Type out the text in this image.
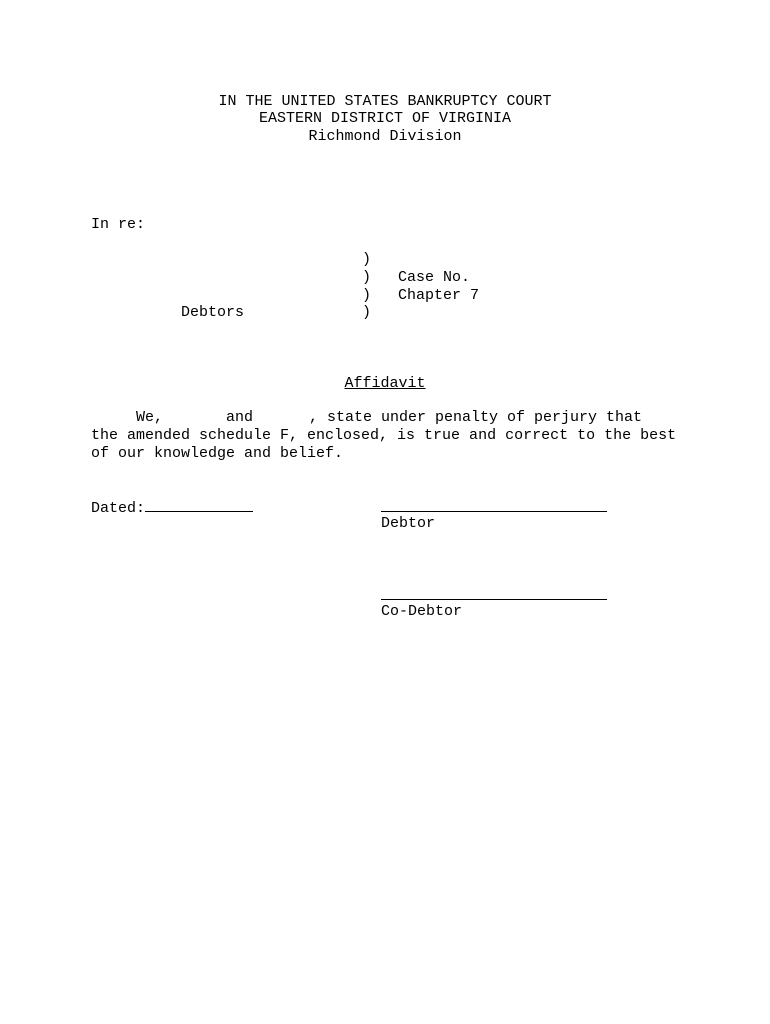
IN THE UNITED STATES BANKRUPTCY COURT
EASTERN DISTRICT OF VIRGINIA
Richmond Division
In re:
)
)
)
)
Case No.
Chapter 7
Debtors
Affidavit
We,	and	, state under penalty of perjury that
the amended schedule F, enclosed, is true and correct to the best
of our knowledge and belief.
Dated:
Debtor
Co-Debtor
